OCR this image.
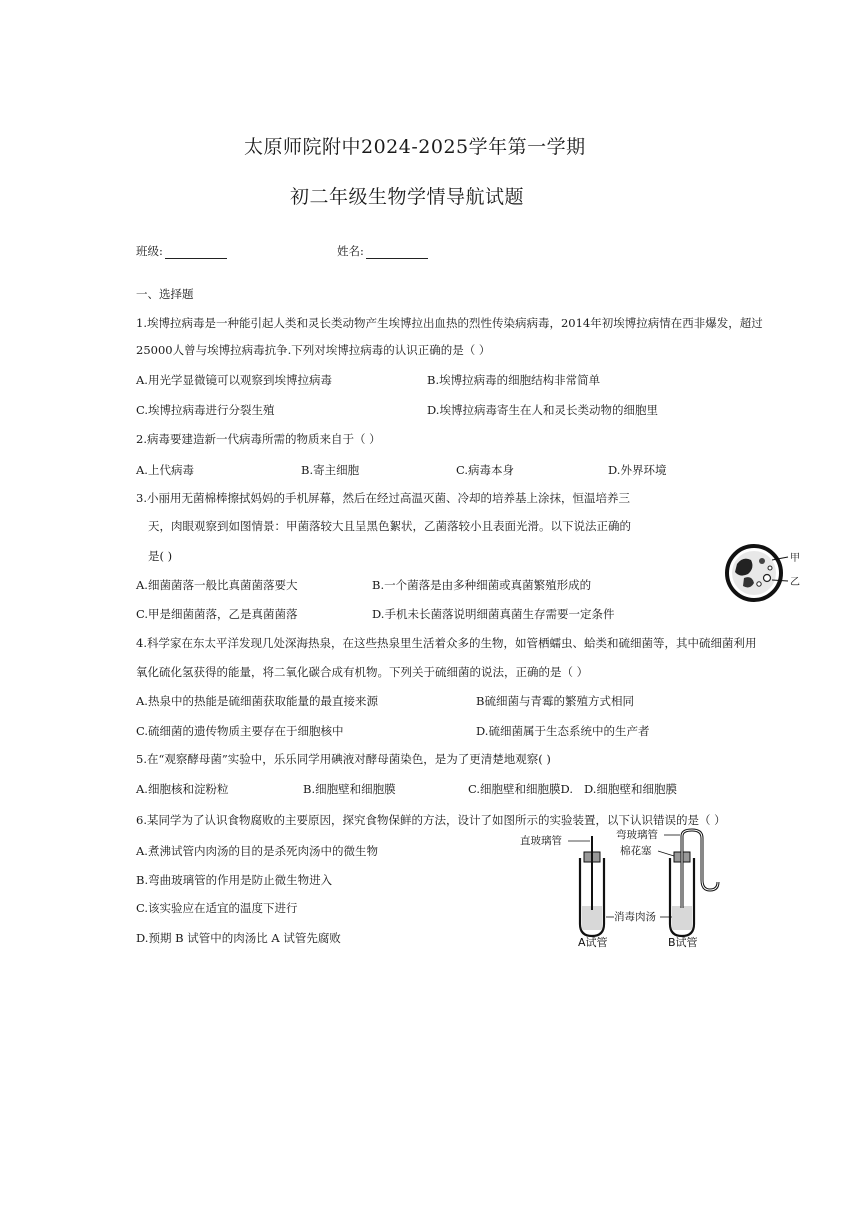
太原师院附中2024-2025学年第一学期
初二年级生物学情导航试题
班级:	姓名:
一、选择题
1.埃博拉病毒是一种能引起人类和灵长类动物产生埃博拉出血热的烈性传染病病毒，2014年初埃博拉病情在西非爆发，超过
25000人曾与埃博拉病毒抗争.下列对埃博拉病毒的认识正确的是（ ）
A.用光学显微镜可以观察到埃博拉病毒	B.埃博拉病毒的细胞结构非常简单
C.埃博拉病毒进行分裂生殖	D.埃博拉病毒寄生在人和灵长类动物的细胞里
2.病毒要建造新一代病毒所需的物质来自于（ ）
A.上代病毒	B.寄主细胞	C.病毒本身	D.外界环境
3.小丽用无菌棉棒擦拭妈妈的手机屏幕，然后在经过高温灭菌、冷却的培养基上涂抹，恒温培养三
天，肉眼观察到如图情景：甲菌落较大且呈黑色絮状，乙菌落较小且表面光滑。以下说法正确的
是( )
A.细菌菌落一般比真菌菌落要大	B.一个菌落是由多种细菌或真菌繁殖形成的
C.甲是细菌菌落，乙是真菌菌落	D.手机未长菌落说明细菌真菌生存需要一定条件
甲
乙
4.科学家在东太平洋发现几处深海热泉，在这些热泉里生活着众多的生物，如管栖蠕虫、蛤类和硫细菌等，其中硫细菌利用
氧化硫化氢获得的能量，将二氧化碳合成有机物。下列关于硫细菌的说法，正确的是（ ）
A.热泉中的热能是硫细菌获取能量的最直接来源	B硫细菌与青霉的繁殖方式相同
C.硫细菌的遗传物质主要存在于细胞核中	D.硫细菌属于生态系统中的生产者
5.在“观察酵母菌”实验中，乐乐同学用碘液对酵母菌染色，是为了更清楚地观察( )
A.细胞核和淀粉粒	B.细胞壁和细胞膜	C.细胞壁和细胞膜D. D.细胞壁和细胞膜
6.某同学为了认识食物腐败的主要原因，探究食物保鲜的方法，设计了如图所示的实验装置，以下认识错误的是（ ）
A.煮沸试管内肉汤的目的是杀死肉汤中的微生物
B.弯曲玻璃管的作用是防止微生物进入
C.该实验应在适宜的温度下进行
D.预期 B 试管中的肉汤比 A 试管先腐败
直玻璃管	弯玻璃管
棉花塞
消毒肉汤
A试管	B试管
